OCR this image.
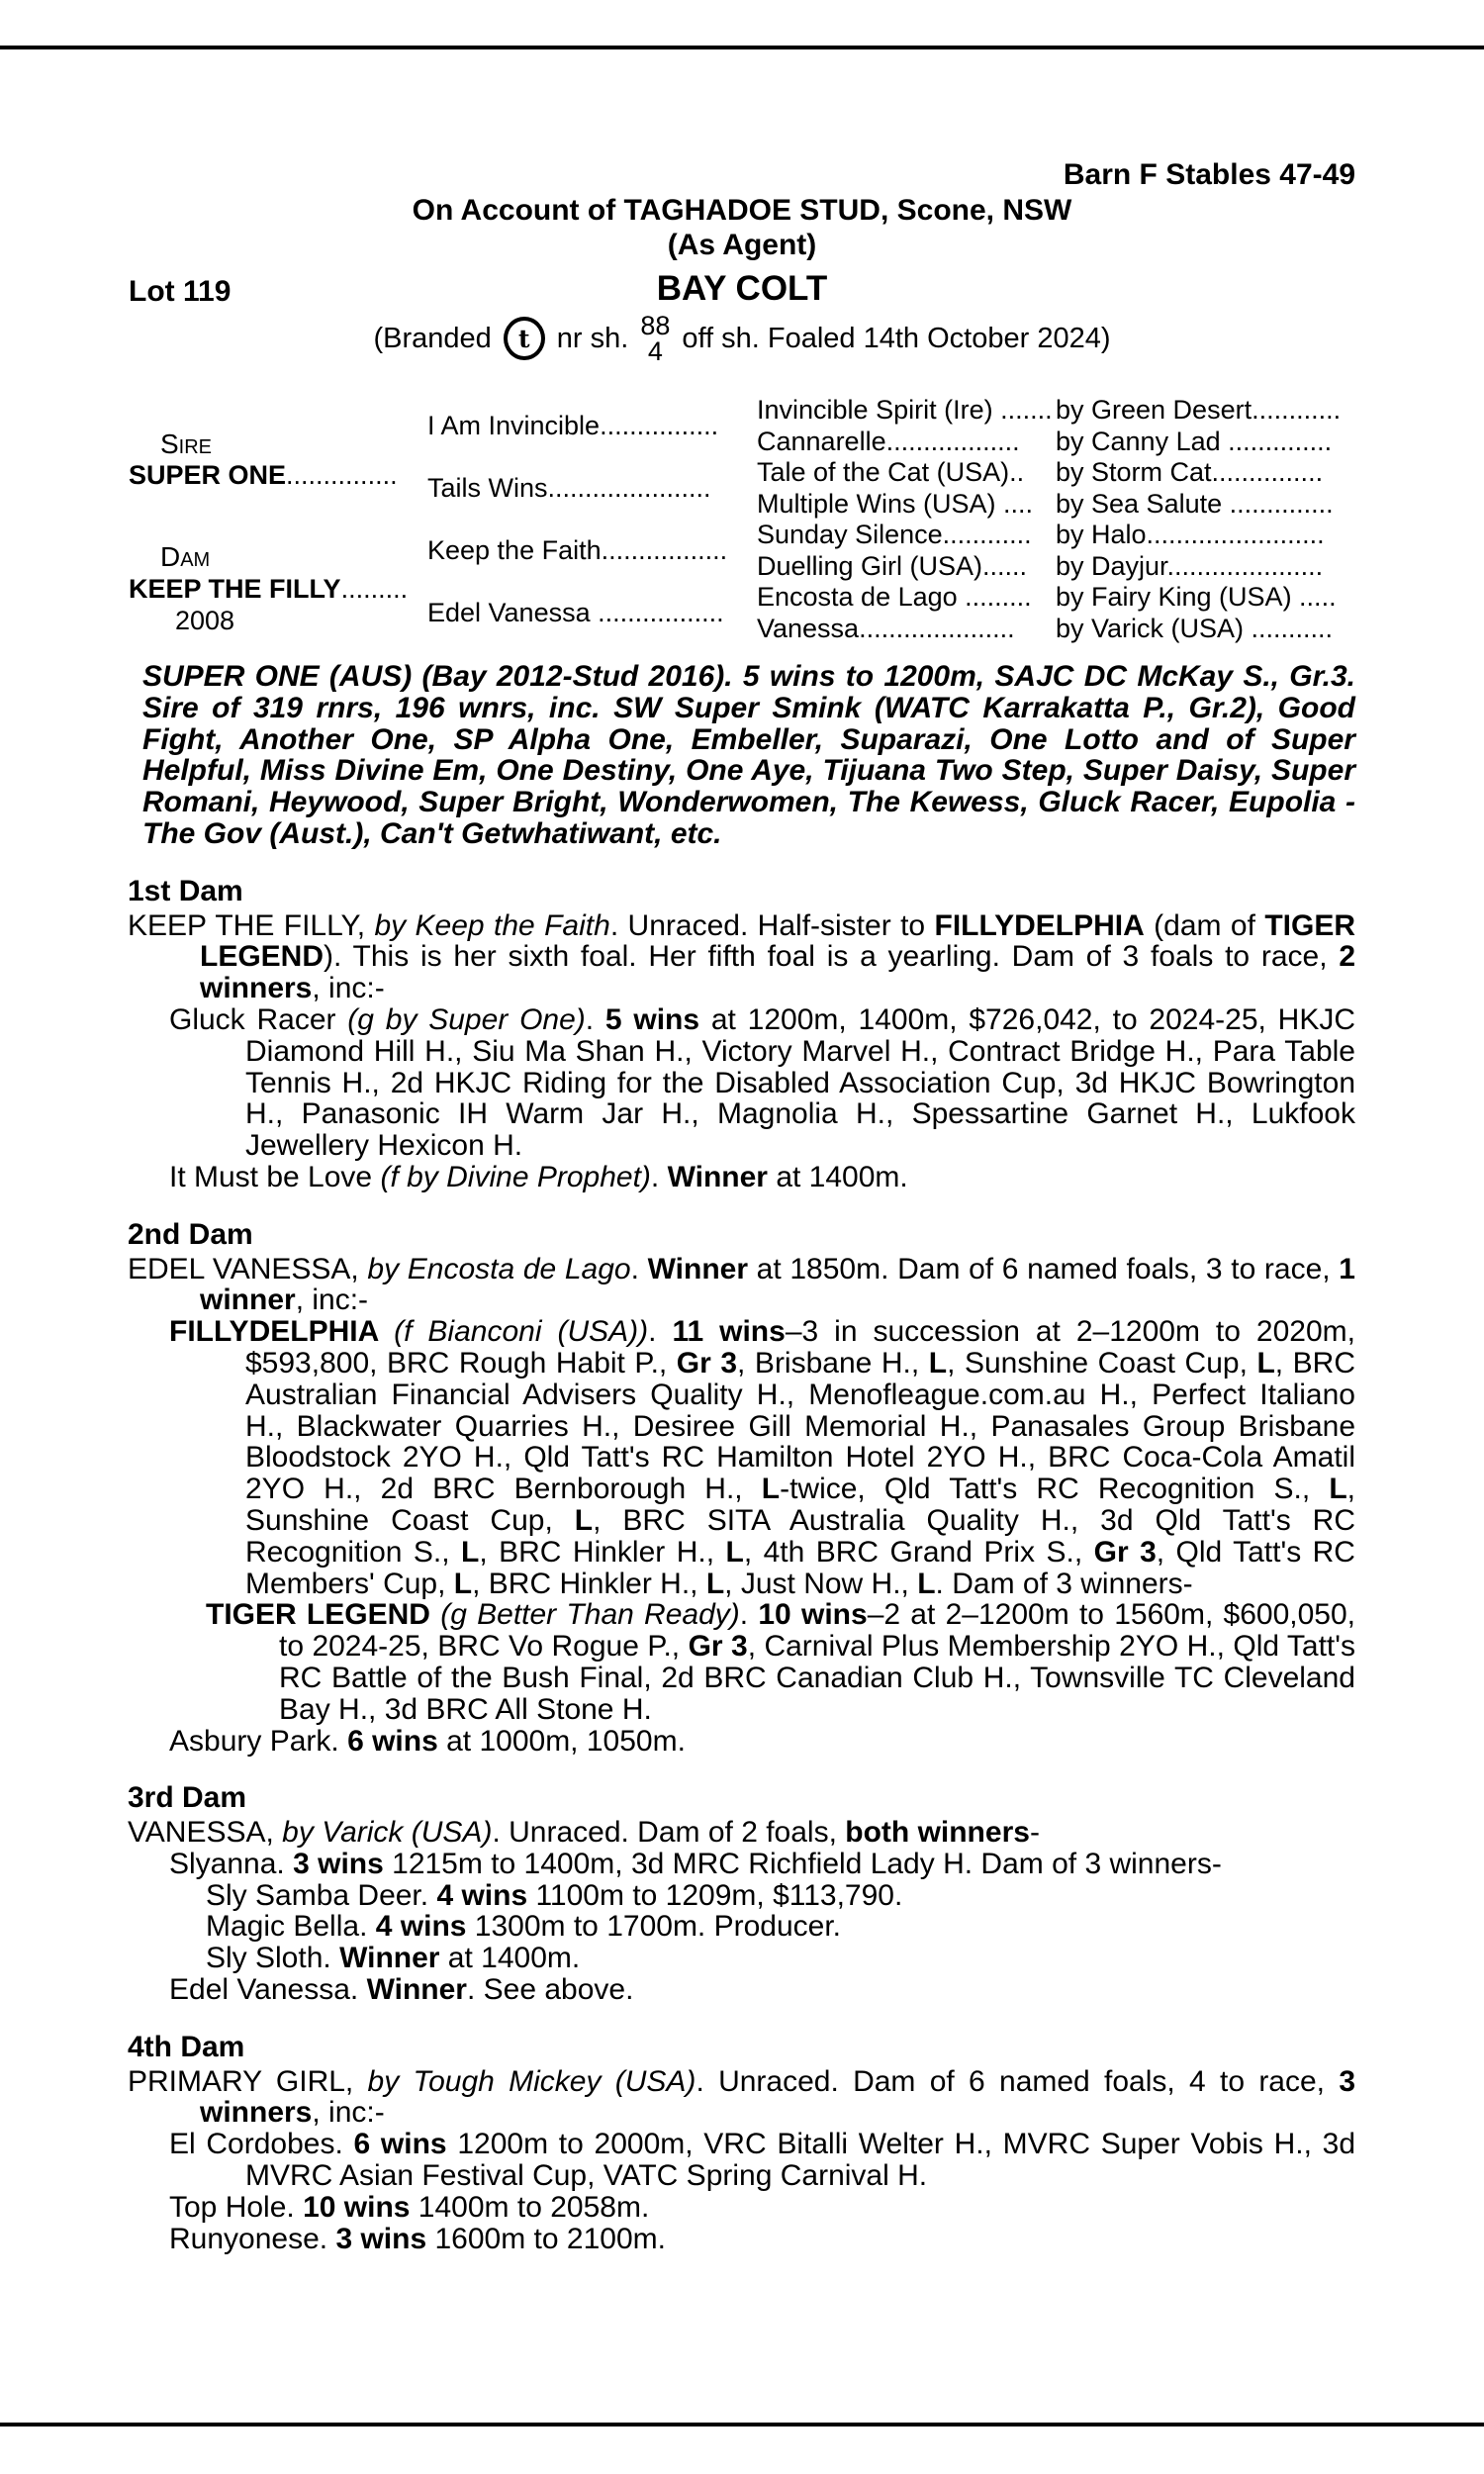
Barn F Stables 47-49
On Account of TAGHADOE STUD, Scone, NSW
(As Agent)
Lot 119	BAY COLT
(Branded t nr sh. 88
4 off sh. Foaled 14th October 2024)
Sire
SUPER ONE...............
Dam
KEEP THE FILLY.........
2008
I Am Invincible................
Tails Wins......................
Keep the Faith.................
Edel Vanessa .................
Invincible Spirit (Ire) .......
Cannarelle..................
Tale of the Cat (USA)..
Multiple Wins (USA) ....
Sunday Silence............
Duelling Girl (USA)......
Encosta de Lago .........
Vanessa.....................
by Green Desert............
by Canny Lad ..............
by Storm Cat...............
by Sea Salute ..............
by Halo........................
by Dayjur.....................
by Fairy King (USA) .....
by Varick (USA) ...........
SUPER ONE (AUS) (Bay 2012-Stud 2016). 5 wins to 1200m, SAJC DC McKay S., Gr.3. Sire of 319 rnrs, 196 wnrs, inc. SW Super Smink (WATC Karrakatta P., Gr.2), Good Fight, Another One, SP Alpha One, Embeller, Suparazi, One Lotto and of Super Helpful, Miss Divine Em, One Destiny, One Aye, Tijuana Two Step, Super Daisy, Super Romani, Heywood, Super Bright, Wonderwomen, The Kewess, Gluck Racer, Eupolia - The Gov (Aust.), Can't Getwhatiwant, etc.
1st Dam
KEEP THE FILLY, by Keep the Faith. Unraced. Half-sister to FILLYDELPHIA (dam of TIGER LEGEND). This is her sixth foal. Her fifth foal is a yearling. Dam of 3 foals to race, 2 winners, inc:-
Gluck Racer (g by Super One). 5 wins at 1200m, 1400m, $726,042, to 2024-25, HKJC Diamond Hill H., Siu Ma Shan H., Victory Marvel H., Contract Bridge H., Para Table Tennis H., 2d HKJC Riding for the Disabled Association Cup, 3d HKJC Bowrington H., Panasonic IH Warm Jar H., Magnolia H., Spessartine Garnet H., Lukfook Jewellery Hexicon H.
It Must be Love (f by Divine Prophet). Winner at 1400m.
2nd Dam
EDEL VANESSA, by Encosta de Lago. Winner at 1850m. Dam of 6 named foals, 3 to race, 1 winner, inc:-
FILLYDELPHIA (f Bianconi (USA)). 11 wins–3 in succession at 2–1200m to 2020m, $593,800, BRC Rough Habit P., Gr 3, Brisbane H., L, Sunshine Coast Cup, L, BRC Australian Financial Advisers Quality H., Menofleague.com.au H., Perfect Italiano H., Blackwater Quarries H., Desiree Gill Memorial H., Panasales Group Brisbane Bloodstock 2YO H., Qld Tatt's RC Hamilton Hotel 2YO H., BRC Coca-Cola Amatil 2YO H., 2d BRC Bernborough H., L-twice, Qld Tatt's RC Recognition S., L, Sunshine Coast Cup, L, BRC SITA Australia Quality H., 3d Qld Tatt's RC Recognition S., L, BRC Hinkler H., L, 4th BRC Grand Prix S., Gr 3, Qld Tatt's RC Members' Cup, L, BRC Hinkler H., L, Just Now H., L. Dam of 3 winners-
TIGER LEGEND (g Better Than Ready). 10 wins–2 at 2–1200m to 1560m, $600,050, to 2024-25, BRC Vo Rogue P., Gr 3, Carnival Plus Membership 2YO H., Qld Tatt's RC Battle of the Bush Final, 2d BRC Canadian Club H., Townsville TC Cleveland Bay H., 3d BRC All Stone H.
Asbury Park. 6 wins at 1000m, 1050m.
3rd Dam
VANESSA, by Varick (USA). Unraced. Dam of 2 foals, both winners-
Slyanna. 3 wins 1215m to 1400m, 3d MRC Richfield Lady H. Dam of 3 winners-
Sly Samba Deer. 4 wins 1100m to 1209m, $113,790.
Magic Bella. 4 wins 1300m to 1700m. Producer.
Sly Sloth. Winner at 1400m.
Edel Vanessa. Winner. See above.
4th Dam
PRIMARY GIRL, by Tough Mickey (USA). Unraced. Dam of 6 named foals, 4 to race, 3 winners, inc:-
El Cordobes. 6 wins 1200m to 2000m, VRC Bitalli Welter H., MVRC Super Vobis H., 3d MVRC Asian Festival Cup, VATC Spring Carnival H.
Top Hole. 10 wins 1400m to 2058m.
Runyonese. 3 wins 1600m to 2100m.
